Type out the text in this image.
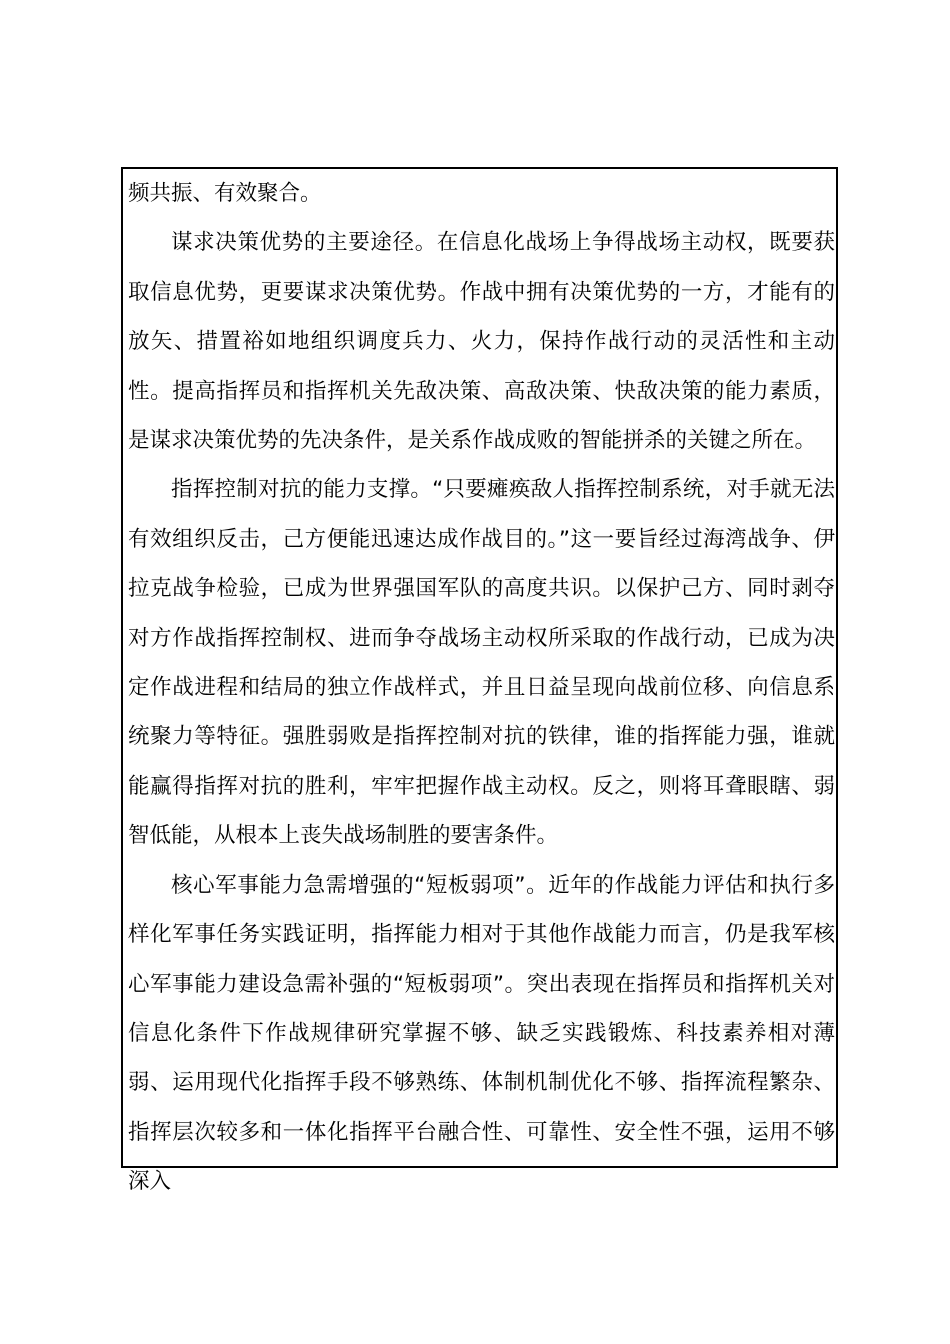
频共振、有效聚合。

谋求决策优势的主要途径。在信息化战场上争得战场主动权，既要获取信息优势，更要谋求决策优势。作战中拥有决策优势的一方，才能有的放矢、措置裕如地组织调度兵力、火力，保持作战行动的灵活性和主动性。提高指挥员和指挥机关先敌决策、高敌决策、快敌决策的能力素质，是谋求决策优势的先决条件，是关系作战成败的智能拼杀的关键之所在。

指挥控制对抗的能力支撑。“只要瘫痪敌人指挥控制系统，对手就无法有效组织反击，己方便能迅速达成作战目的。”这一要旨经过海湾战争、伊拉克战争检验，已成为世界强国军队的高度共识。以保护己方、同时剥夺对方作战指挥控制权、进而争夺战场主动权所采取的作战行动，已成为决定作战进程和结局的独立作战样式，并且日益呈现向战前位移、向信息系统聚力等特征。强胜弱败是指挥控制对抗的铁律，谁的指挥能力强，谁就能赢得指挥对抗的胜利，牢牢把握作战主动权。反之，则将耳聋眼瞎、弱智低能，从根本上丧失战场制胜的要害条件。

核心军事能力急需增强的“短板弱项”。近年的作战能力评估和执行多样化军事任务实践证明，指挥能力相对于其他作战能力而言，仍是我军核心军事能力建设急需补强的“短板弱项”。突出表现在指挥员和指挥机关对信息化条件下作战规律研究掌握不够、缺乏实践锻炼、科技素养相对薄弱、运用现代化指挥手段不够熟练、体制机制优化不够、指挥流程繁杂、指挥层次较多和一体化指挥平台融合性、可靠性、安全性不强，运用不够深入
